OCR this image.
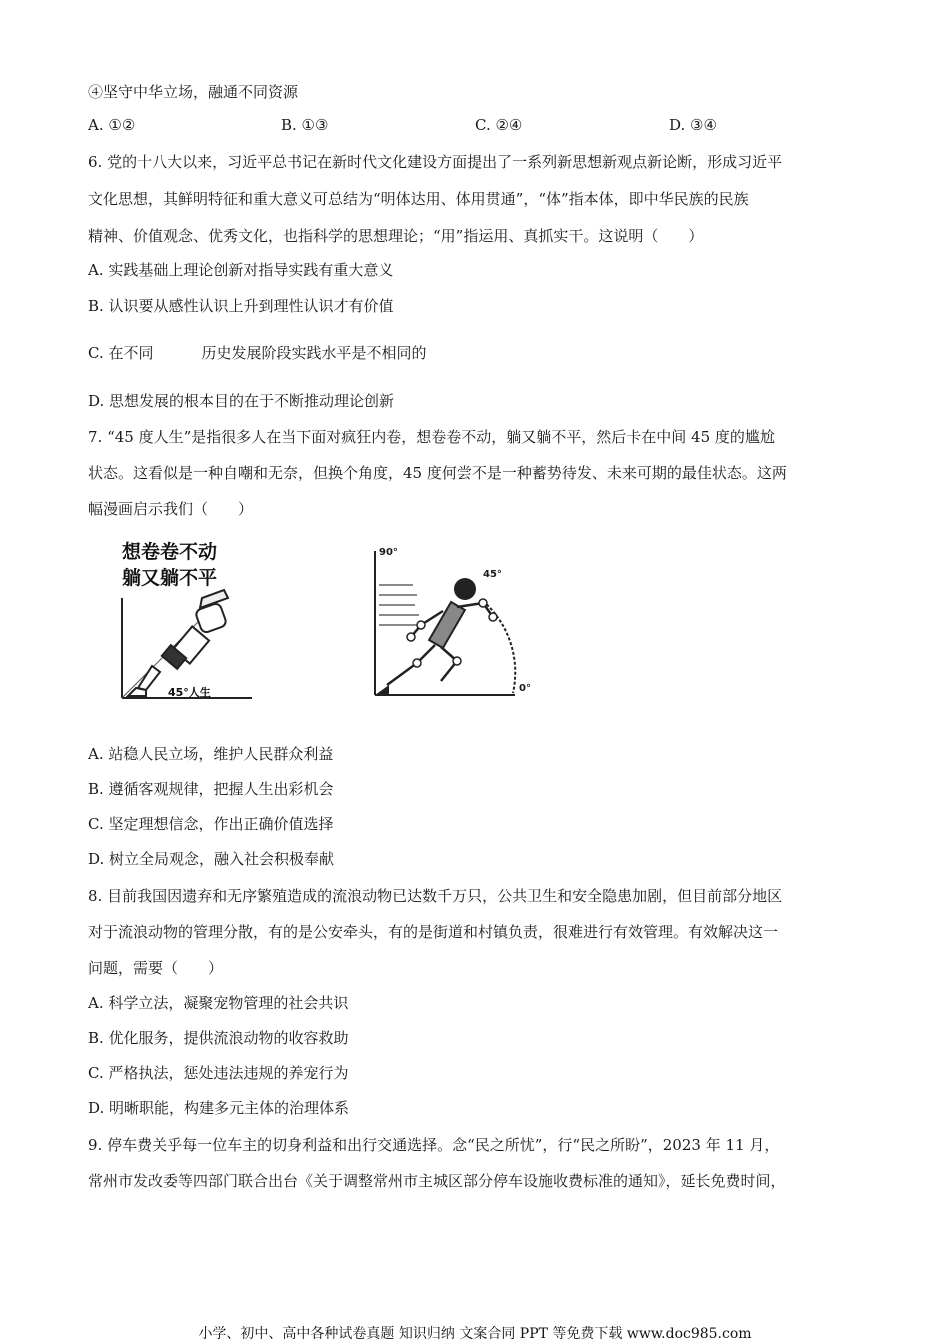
④坚守中华立场，融通不同资源
A. ①②	B. ①③	C. ②④	D. ③④
6. 党的十八大以来，习近平总书记在新时代文化建设方面提出了一系列新思想新观点新论断，形成习近平
文化思想，其鲜明特征和重大意义可总结为“明体达用、体用贯通”，“体”指本体，即中华民族的民族
精神、价值观念、优秀文化，也指科学的思想理论；“用”指运用、真抓实干。这说明（　　）
A. 实践基础上理论创新对指导实践有重大意义
B. 认识要从感性认识上升到理性认识才有价值
C. 在不同	历史发展阶段实践水平是不相同的
D. 思想发展的根本目的在于不断推动理论创新
7. “45 度人生”是指很多人在当下面对疯狂内卷，想卷卷不动，躺又躺不平，然后卡在中间 45 度的尴尬
状态。这看似是一种自嘲和无奈，但换个角度，45 度何尝不是一种蓄势待发、未来可期的最佳状态。这两
幅漫画启示我们（　　）
想卷卷不动
躺又躺不平
45°人生
90°
45°
0°
A. 站稳人民立场，维护人民群众利益
B. 遵循客观规律，把握人生出彩机会
C. 坚定理想信念，作出正确价值选择
D. 树立全局观念，融入社会积极奉献
8. 目前我国因遗弃和无序繁殖造成的流浪动物已达数千万只，公共卫生和安全隐患加剧，但目前部分地区
对于流浪动物的管理分散，有的是公安牵头，有的是街道和村镇负责，很难进行有效管理。有效解决这一
问题，需要（　　）
A. 科学立法，凝聚宠物管理的社会共识
B. 优化服务，提供流浪动物的收容救助
C. 严格执法，惩处违法违规的养宠行为
D. 明晰职能，构建多元主体的治理体系
9. 停车费关乎每一位车主的切身利益和出行交通选择。念“民之所忧”，行“民之所盼”，2023 年 11 月，
常州市发改委等四部门联合出台《关于调整常州市主城区部分停车设施收费标准的通知》，延长免费时间，
小学、初中、高中各种试卷真题 知识归纳 文案合同 PPT 等免费下载 www.doc985.com
